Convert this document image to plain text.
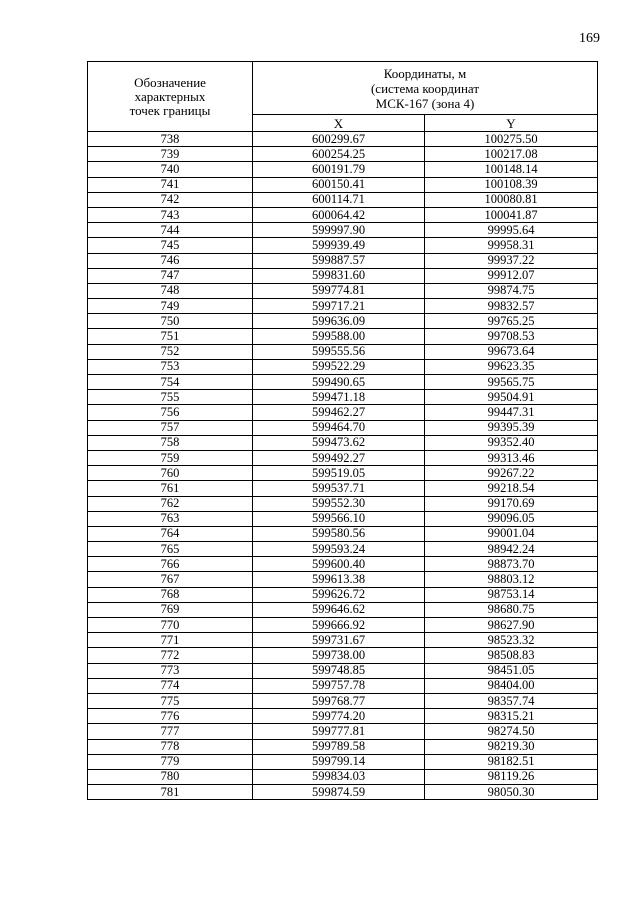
169
Обозначение
характерных
точек границы	Координаты, м
(система координат
МСК-167 (зона 4)	

	X	Y
738	600299.67	100275.50
739	600254.25	100217.08
740	600191.79	100148.14
741	600150.41	100108.39
742	600114.71	100080.81
743	600064.42	100041.87
744	599997.90	99995.64
745	599939.49	99958.31
746	599887.57	99937.22
747	599831.60	99912.07
748	599774.81	99874.75
749	599717.21	99832.57
750	599636.09	99765.25
751	599588.00	99708.53
752	599555.56	99673.64
753	599522.29	99623.35
754	599490.65	99565.75
755	599471.18	99504.91
756	599462.27	99447.31
757	599464.70	99395.39
758	599473.62	99352.40
759	599492.27	99313.46
760	599519.05	99267.22
761	599537.71	99218.54
762	599552.30	99170.69
763	599566.10	99096.05
764	599580.56	99001.04
765	599593.24	98942.24
766	599600.40	98873.70
767	599613.38	98803.12
768	599626.72	98753.14
769	599646.62	98680.75
770	599666.92	98627.90
771	599731.67	98523.32
772	599738.00	98508.83
773	599748.85	98451.05
774	599757.78	98404.00
775	599768.77	98357.74
776	599774.20	98315.21
777	599777.81	98274.50
778	599789.58	98219.30
779	599799.14	98182.51
780	599834.03	98119.26
781	599874.59	98050.30
